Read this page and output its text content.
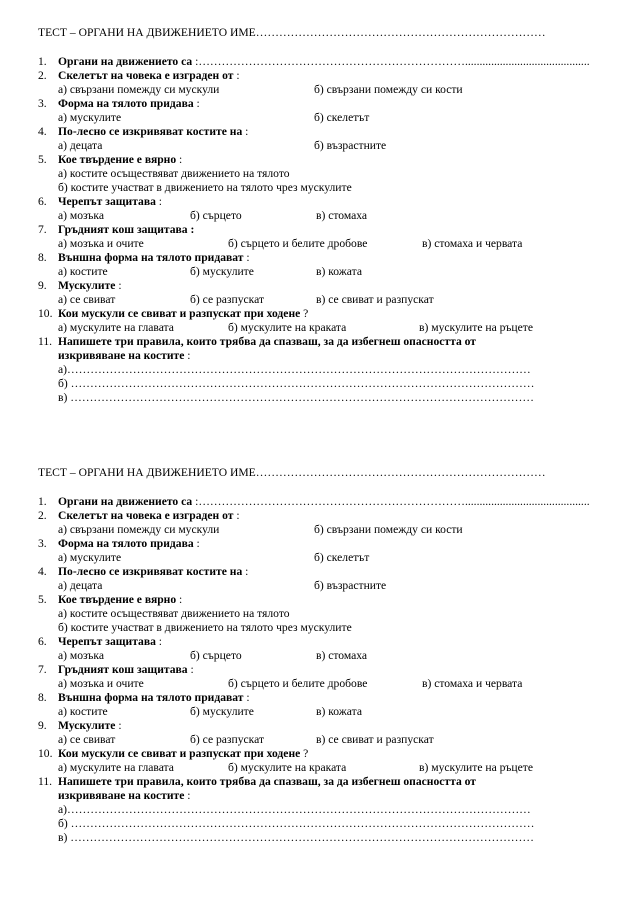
ТЕСТ – ОРГАНИ НА ДВИЖЕНИЕТО ИМЕ…………………………………………………………………
1. Органи на движението са :……………………………………………………………...........................................
2. Скелетът на човека е изграден от :
а) свързани помежду си мускули	б) свързани помежду си кости
3. Форма на тялото придава :
а) мускулите	б) скелетът
4. По-лесно се изкривяват костите на :
а) децата	б) възрастните
5. Кое твърдение е вярно :
а) костите осъществяват движението на тялото
б) костите участват в движението на тялото чрез мускулите
6. Черепът защитава :
а) мозъка	б) сърцето	в) стомаха
7. Гръдният кош защитава :
а) мозъка и очите	б) сърцето и белите дробове	в) стомаха и червата
8. Външна форма на тялото придават :
а) костите	б) мускулите	в) кожата
9. Мускулите :
а) се свиват	б) се разпускат	в) се свиват и разпускат
10. Кои мускули се свиват и разпускат при ходене ?
а) мускулите на главата	б) мускулите на краката	в) мускулите на ръцете
11. Напишете три правила, които трябва да спазваш, за да избегнеш опасността от
изкривяване на костите :
а)…………………………………………………………………………………………………………
б) …………………………………………………………………………………………………………
в) …………………………………………………………………………………………………………
ТЕСТ – ОРГАНИ НА ДВИЖЕНИЕТО ИМЕ…………………………………………………………………
1. Органи на движението са :……………………………………………………………...........................................
2. Скелетът на човека е изграден от :
а) свързани помежду си мускули	б) свързани помежду си кости
3. Форма на тялото придава :
а) мускулите	б) скелетът
4. По-лесно се изкривяват костите на :
а) децата	б) възрастните
5. Кое твърдение е вярно :
а) костите осъществяват движението на тялото
б) костите участват в движението на тялото чрез мускулите
6. Черепът защитава :
а) мозъка	б) сърцето	в) стомаха
7. Гръдният кош защитава :
а) мозъка и очите	б) сърцето и белите дробове	в) стомаха и червата
8. Външна форма на тялото придават :
а) костите	б) мускулите	в) кожата
9. Мускулите :
а) се свиват	б) се разпускат	в) се свиват и разпускат
10. Кои мускули се свиват и разпускат при ходене ?
а) мускулите на главата	б) мускулите на краката	в) мускулите на ръцете
11. Напишете три правила, които трябва да спазваш, за да избегнеш опасността от
изкривяване на костите :
а)…………………………………………………………………………………………………………
б) …………………………………………………………………………………………………………
в) …………………………………………………………………………………………………………
